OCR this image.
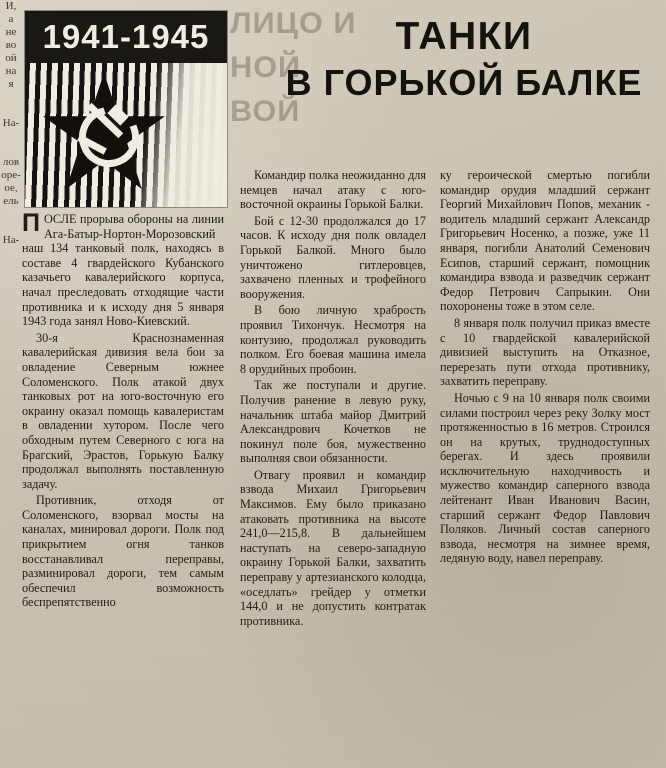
И,
а
не
во
ой
на
я
На-
лов
оре-
ое,
ель
На-
1941-1945 ЛИЦО И
НОЙ
ВОЙ
ТАНКИ
В ГОРЬКОЙ БАЛКЕ

ПОСЛЕ прорыва обороны на линии Ага-Батыр-Нортон-Морозовский наш 134 танковый полк, находясь в составе 4 гвардейского Кубанского казачьего кавалерийского корпуса, начал преследовать отходящие части противника и к исходу дня 5 января 1943 года занял Ново-Киевский.

30-я Краснознаменная кавалерийская дивизия вела бои за овладение Северным южнее Соломенского. Полк атакой двух танковых рот на юго-восточную его окраину оказал помощь кавалеристам в овладении хутором. После чего обходным путем Северного с юга на Брагский, Эрастов, Горькую Балку продолжал выполнять поставленную задачу.

Противник, отходя от Соломенского, взорвал мосты на каналах, минировал дороги. Полк под прикрытием огня танков восстанавливал переправы, разминировал дороги, тем самым обеспечил возможность беспрепятственно

Командир полка неожиданно для немцев начал атаку с юго-восточной окраины Горькой Балки.

Бой с 12-30 продолжался до 17 часов. К исходу дня полк овладел Горькой Балкой. Много было уничтожено гитлеровцев, захвачено пленных и трофейного вооружения.

В бою личную храбрость проявил Тихончук. Несмотря на контузию, продолжал руководить полком. Его боевая машина имела 8 орудийных пробоин.

Так же поступали и другие. Получив ранение в левую руку, начальник штаба майор Дмитрий Александрович Кочетков не покинул поле боя, мужественно выполняя свои обязанности.

Отвагу проявил и командир взвода Михаил Григорьевич Максимов. Ему было приказано атаковать противника на высоте 241,0—215,8. В дальнейшем наступать на северо-западную окраину Горькой Балки, захватить переправу у артезианского колодца, «оседлать» грейдер у отметки 144,0 и не допустить контратак противника.

ку героической смертью погибли командир орудия младший сержант Георгий Михайлович Попов, механик - водитель младший сержант Александр Григорьевич Носенко, а позже, уже 11 января, погибли Анатолий Семенович Есипов, старший сержант, помощник командира взвода и разведчик сержант Федор Петрович Сапрыкин. Они похоронены тоже в этом селе.

8 января полк получил приказ вместе с 10 гвардейской кавалерийской дивизией выступить на Отказное, перерезать пути отхода противнику, захватить переправу.

Ночью с 9 на 10 января полк своими силами построил через реку Золку мост протяженностью в 16 метров. Строился он на крутых, труднодоступных берегах. И здесь проявили исключительную находчивость и мужество командир саперного взвода лейтенант Иван Иванович Васин, старший сержант Федор Павлович Поляков. Личный состав саперного взвода, несмотря на зимнее время, ледяную воду, навел переправу.
